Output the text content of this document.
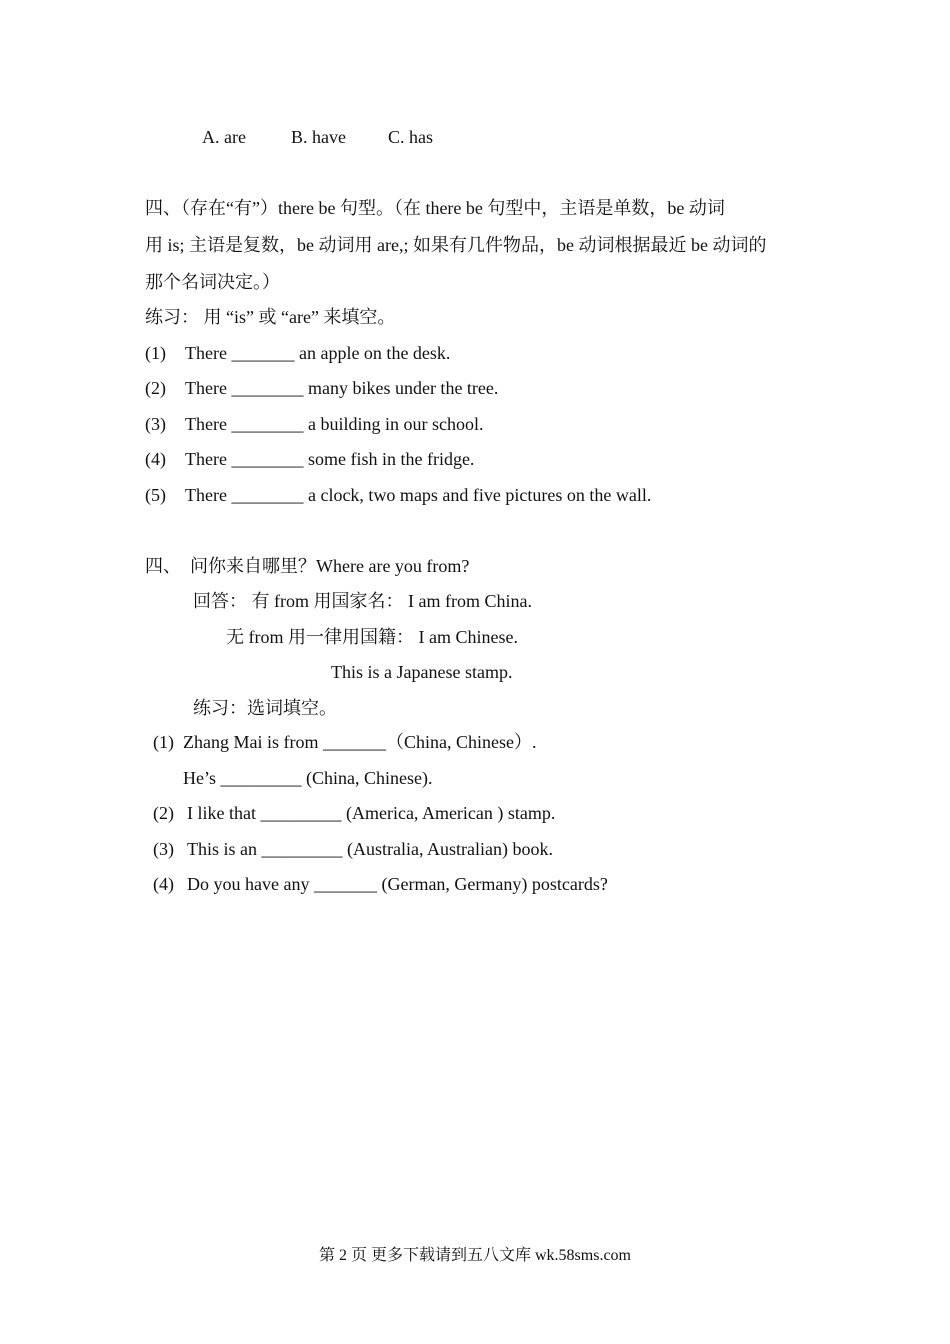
A. are	B. have C. has
四、（存在“有”）there be 句型。（在 there be 句型中，主语是单数，be 动词
用 is; 主语是复数，be 动词用 are,; 如果有几件物品，be 动词根据最近 be 动词的
那个名词决定。）
练习： 用 “is” 或 “are” 来填空。
(1) There _______ an apple on the desk.
(2) There ________ many bikes under the tree.
(3) There ________ a building in our school.
(4) There ________ some fish in the fridge.
(5) There ________ a clock, two maps and five pictures on the wall.
四、  问你来自哪里？Where are you from?
回答： 有 from 用国家名： I am from China.
无 from 用一律用国籍： I am Chinese.
This is a Japanese stamp.
练习：选词填空。
(1) Zhang Mai is from _______（China, Chinese）.
He’s _________ (China, Chinese).
(2) I like that _________ (America, American ) stamp.
(3) This is an _________ (Australia, Australian) book.
(4) Do you have any _______ (German, Germany) postcards?
第 2 页 更多下载请到五八文库 wk.58sms.com
